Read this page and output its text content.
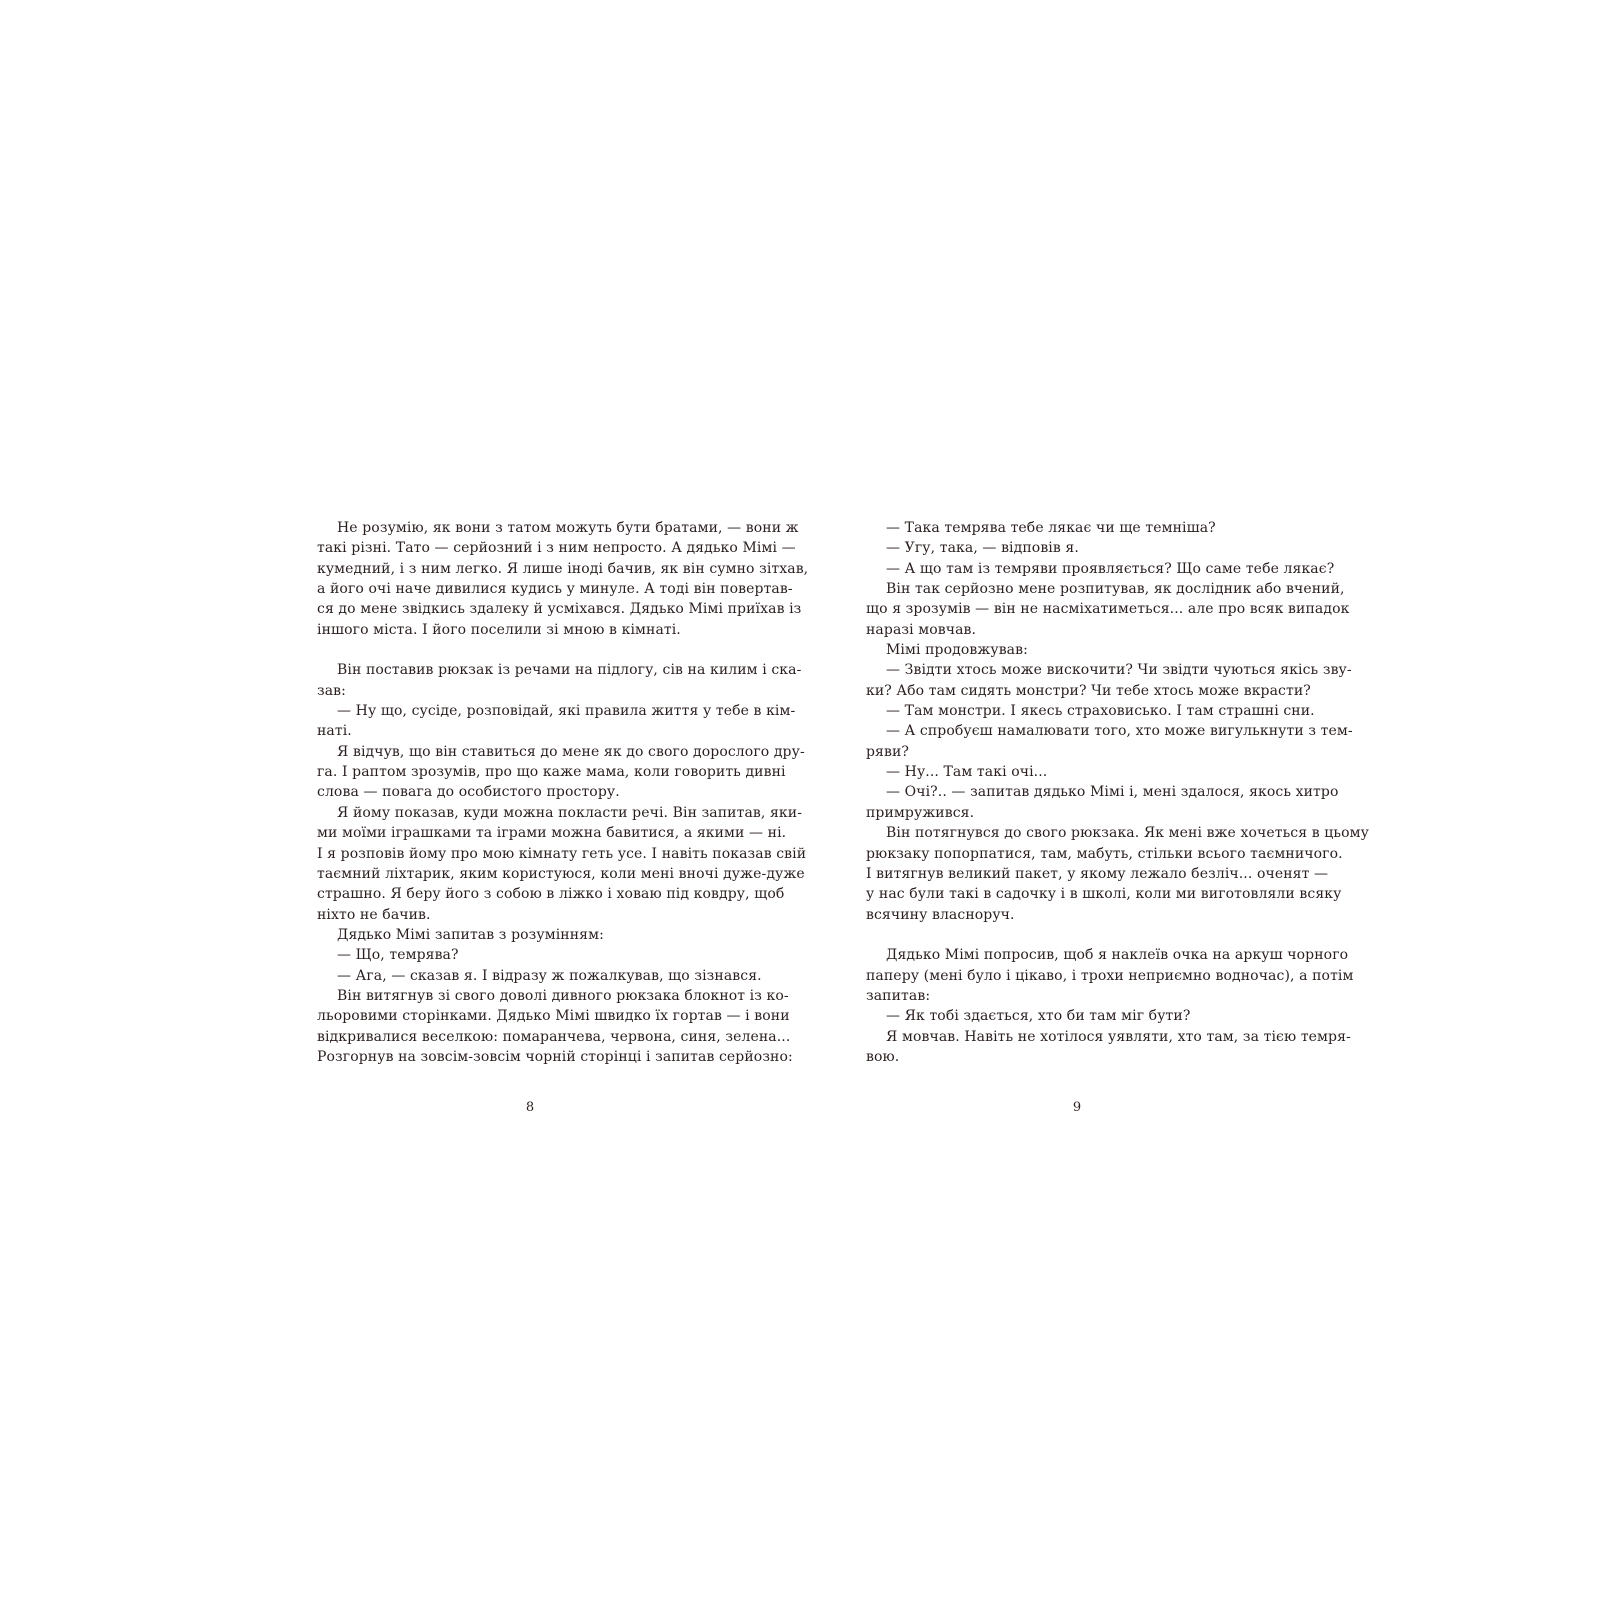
Не розумію, як вони з татом можуть бути братами, — вони ж
такі різні. Тато — серйозний і з ним непросто. А дядько Мімі —
кумедний, і з ним легко. Я лише іноді бачив, як він сумно зітхав,
а його очі наче дивилися кудись у минуле. А тоді він повертав-
ся до мене звідкись здалеку й усміхався. Дядько Мімі приїхав із
іншого міста. І його поселили зі мною в кімнаті.
Він поставив рюкзак із речами на підлогу, сів на килим і ска-
зав:
— Ну що, сусіде, розповідай, які правила життя у тебе в кім-
наті.
Я відчув, що він ставиться до мене як до свого дорослого дру-
га. І раптом зрозумів, про що каже мама, коли говорить дивні
слова — повага до особистого простору.
Я йому показав, куди можна покласти речі. Він запитав, яки-
ми моїми іграшками та іграми можна бавитися, а якими — ні.
І я розповів йому про мою кімнату геть усе. І навіть показав свій
таємний ліхтарик, яким користуюся, коли мені вночі дуже-дуже
страшно. Я беру його з собою в ліжко і ховаю під ковдру, щоб
ніхто не бачив.
Дядько Мімі запитав з розумінням:
— Що, темрява?
— Ага, — сказав я. І відразу ж пожалкував, що зізнався.
Він витягнув зі свого доволі дивного рюкзака блокнот із ко-
льоровими сторінками. Дядько Мімі швидко їх гортав — і вони
відкривалися веселкою: помаранчева, червона, синя, зелена...
Розгорнув на зовсім-зовсім чорній сторінці і запитав серйозно:
— Така темрява тебе лякає чи ще темніша?
— Угу, така, — відповів я.
— А що там із темряви проявляється? Що саме тебе лякає?
Він так серйозно мене розпитував, як дослідник або вчений,
що я зрозумів — він не насміхатиметься... але про всяк випадок
наразі мовчав.
Мімі продовжував:
— Звідти хтось може вискочити? Чи звідти чуються якісь зву-
ки? Або там сидять монстри? Чи тебе хтось може вкрасти?
— Там монстри. І якесь страховисько. І там страшні сни.
— А спробуєш намалювати того, хто може вигулькнути з тем-
ряви?
— Ну... Там такі очі...
— Очі?.. — запитав дядько Мімі і, мені здалося, якось хитро
примружився.
Він потягнувся до свого рюкзака. Як мені вже хочеться в цьому
рюкзаку попорпатися, там, мабуть, стільки всього таємничого.
І витягнув великий пакет, у якому лежало безліч... оченят —
у нас були такі в садочку і в школі, коли ми виготовляли всяку
всячину власноруч.
Дядько Мімі попросив, щоб я наклеїв очка на аркуш чорного
паперу (мені було і цікаво, і трохи неприємно водночас), а потім
запитав:
— Як тобі здається, хто би там міг бути?
Я мовчав. Навіть не хотілося уявляти, хто там, за тією темря-
вою.
8	9
